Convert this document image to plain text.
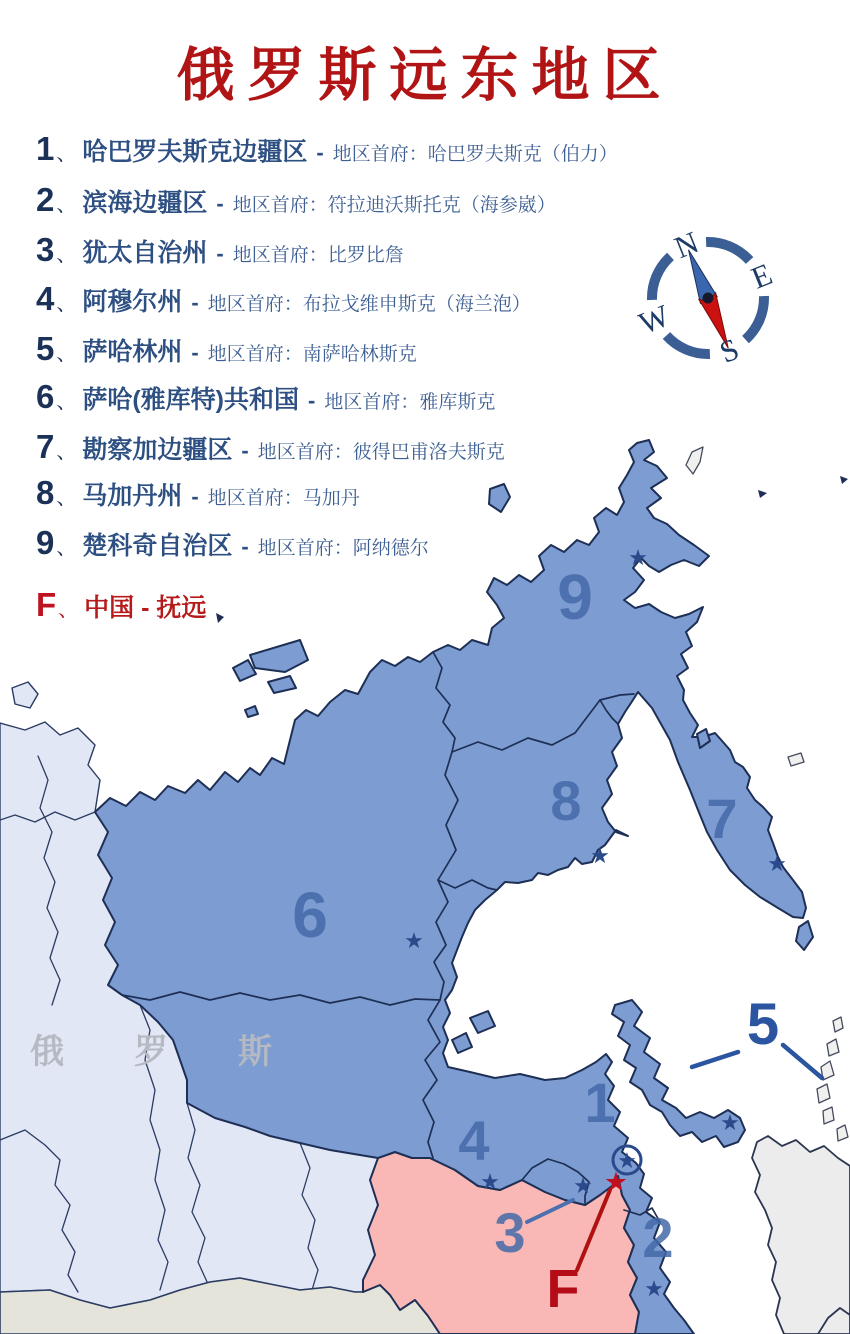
9
8 7
6
5
1
4
3 2
F
★
★	★
★
★
★	★
★
★
★
N
E
S
W
俄罗斯远东地区
1 、 哈巴罗夫斯克边疆区 - 地区首府：哈巴罗夫斯克（伯力）
2 、 滨海边疆区 - 地区首府：符拉迪沃斯托克（海参崴）
3 、 犹太自治州 - 地区首府：比罗比詹
4 、 阿穆尔州 - 地区首府：布拉戈维申斯克（海兰泡）
5 、 萨哈林州 - 地区首府：南萨哈林斯克
6 、 萨哈(雅库特)共和国 - 地区首府：雅库斯克
7 、 勘察加边疆区 - 地区首府：彼得巴甫洛夫斯克
8 、 马加丹州 - 地区首府：马加丹
9 、 楚科奇自治区 - 地区首府：阿纳德尔
F 、 中国 - 抚远
俄罗斯
